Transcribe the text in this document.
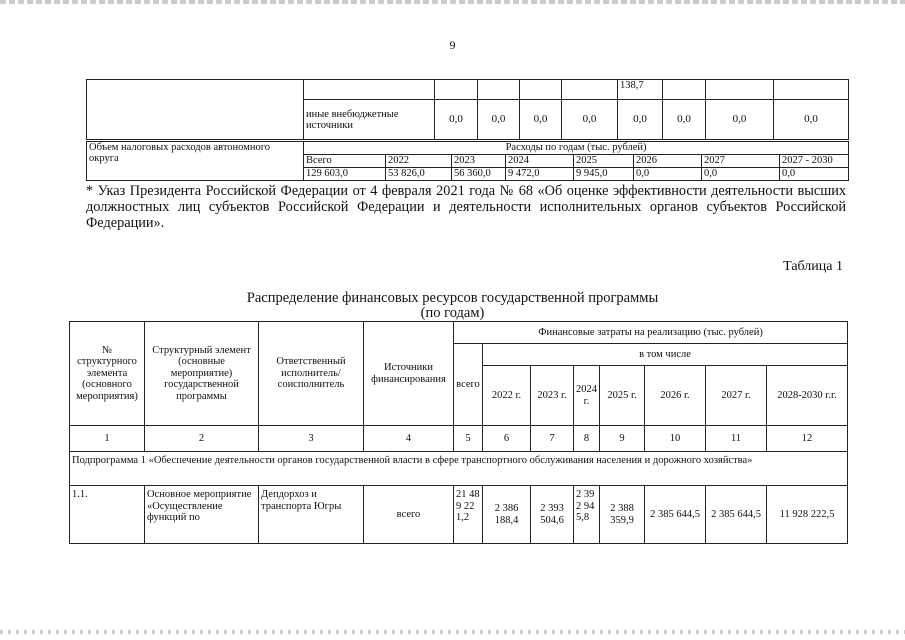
9
						138,7			
	иные внебюджетные источники	0,0	0,0	0,0	0,0	0,0	0,0	0,0	0,0
Объем налоговых расходов автономного округа	Расходы по годам (тыс. рублей)							
	Всего	2022	2023	2024	2025	2026	2027	2027 - 2030
	129 603,0	53 826,0	56 360,0	9 472,0	9 945,0	0,0	0,0	0,0
* Указ Президента Российской Федерации от 4 февраля 2021 года № 68 «Об оценке эффективности деятельности высших должностных лиц субъектов Российской Федерации и деятельности исполнительных органов субъектов Российской Федерации».
Таблица 1
Распределение финансовых ресурсов государственной программы
(по годам)
№ структурного элемента (основного мероприятия)	Структурный элемент (основные мероприятие) государственной программы	Ответственный исполнитель/ соисполнитель	Источники финансирования	Финансовые затраты на реализацию (тыс. рублей)							
				всего	в том числе						
					2022 г.	2023 г.	2024 г.	2025 г.	2026 г.	2027 г.	2028-2030 г.г.
1	2	3	4	5	6	7	8	9	10	11	12
Подпрограмма 1 «Обеспечение деятельности органов государственной власти в сфере транспортного обслуживания населения и дорожного хозяйства»											
1.1.	Основное мероприятие «Осуществление функций по	Депдорхоз и транспорта Югры	всего	21 489 221,2	2 386 188,4	2 393 504,6	2 392 945,8	2 388 359,9	2 385 644,5	2 385 644,5	11 928 222,5
